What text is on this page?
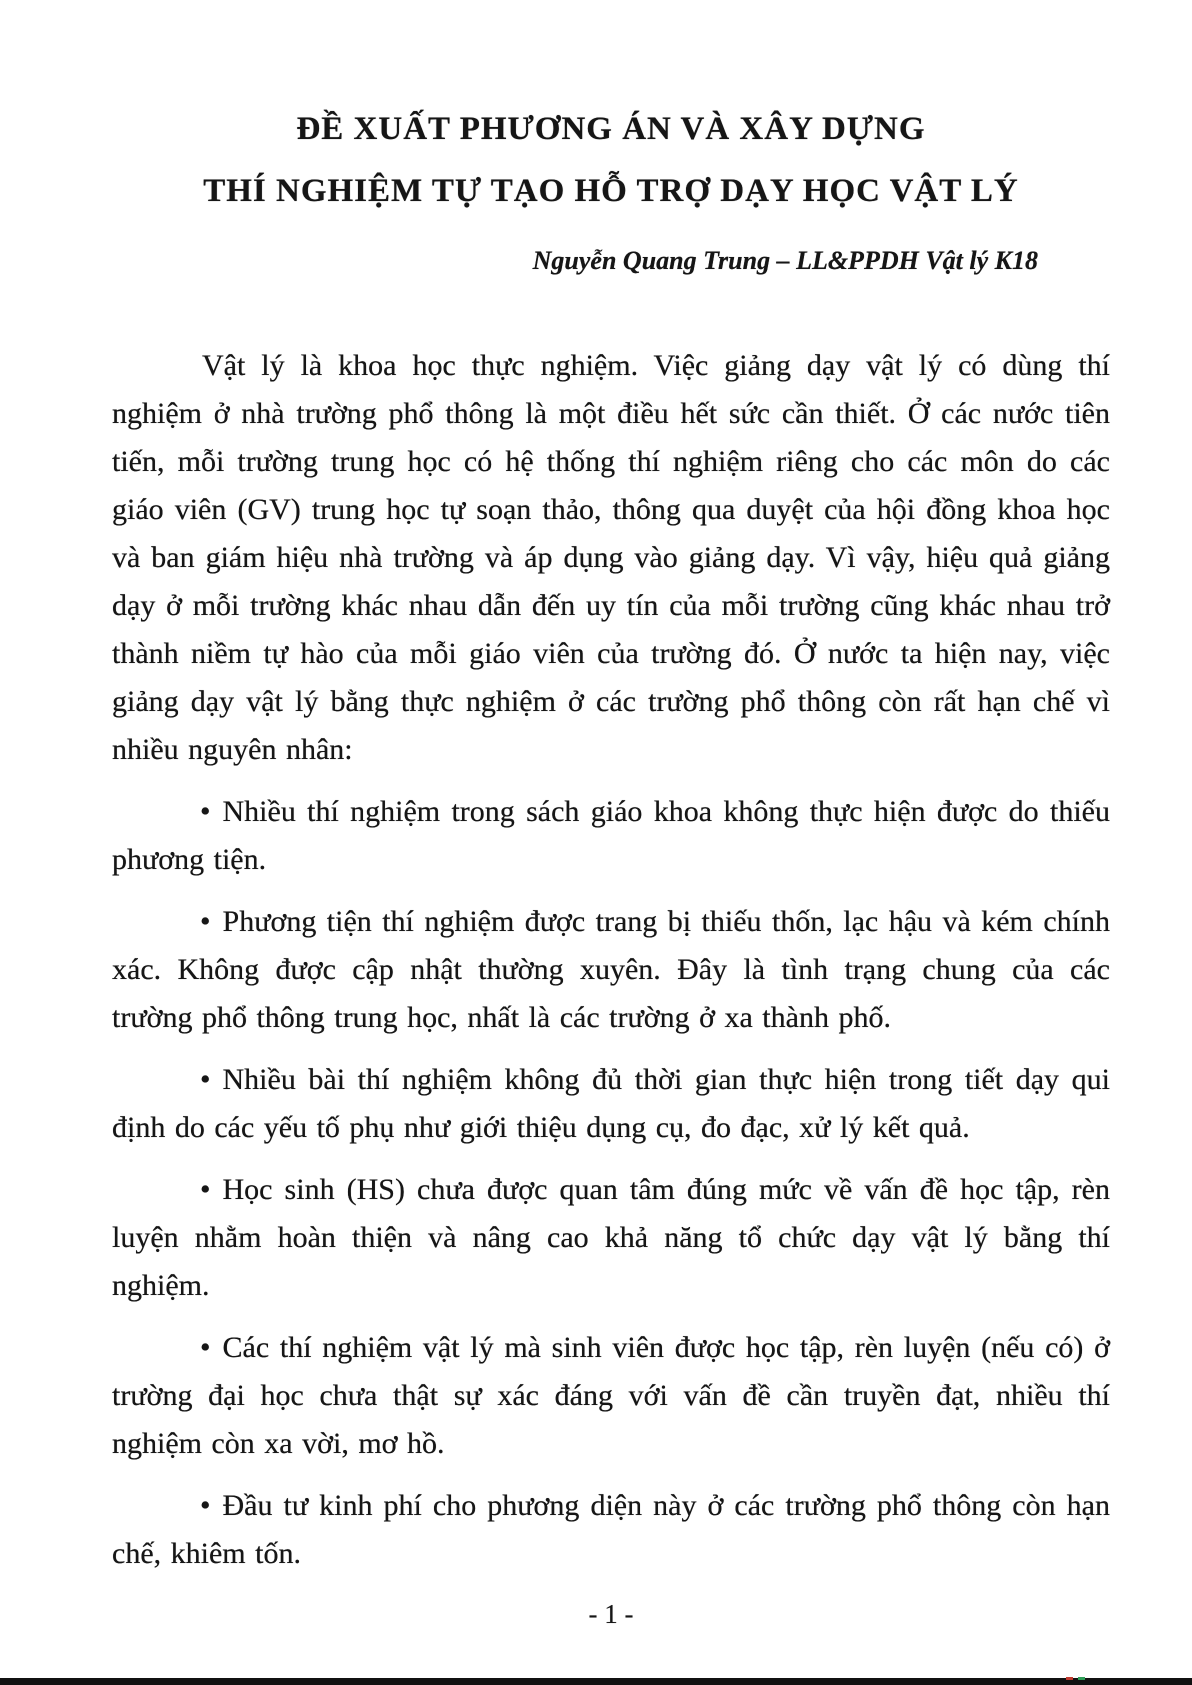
ĐỀ XUẤT PHƯƠNG ÁN VÀ XÂY DỰNG
THÍ NGHIỆM TỰ TẠO HỖ TRỢ DẠY HỌC VẬT LÝ
Nguyễn Quang Trung – LL&PPDH Vật lý K18

Vật lý là khoa học thực nghiệm. Việc giảng dạy vật lý có dùng thí nghiệm ở nhà trường phổ thông là một điều hết sức cần thiết. Ở các nước tiên tiến, mỗi trường trung học có hệ thống thí nghiệm riêng cho các môn do các giáo viên (GV) trung học tự soạn thảo, thông qua duyệt của hội đồng khoa học và ban giám hiệu nhà trường và áp dụng vào giảng dạy. Vì vậy, hiệu quả giảng dạy ở mỗi trường khác nhau dẫn đến uy tín của mỗi trường cũng khác nhau trở thành niềm tự hào của mỗi giáo viên của trường đó. Ở nước ta hiện nay, việc giảng dạy vật lý bằng thực nghiệm ở các trường phổ thông còn rất hạn chế vì nhiều nguyên nhân:

• Nhiều thí nghiệm trong sách giáo khoa không thực hiện được do thiếu phương tiện.

• Phương tiện thí nghiệm được trang bị thiếu thốn, lạc hậu và kém chính xác. Không được cập nhật thường xuyên. Đây là tình trạng chung của các trường phổ thông trung học, nhất là các trường ở xa thành phố.

• Nhiều bài thí nghiệm không đủ thời gian thực hiện trong tiết dạy qui định do các yếu tố phụ như giới thiệu dụng cụ, đo đạc, xử lý kết quả.

• Học sinh (HS) chưa được quan tâm đúng mức về vấn đề học tập, rèn luyện nhằm hoàn thiện và nâng cao khả năng tổ chức dạy vật lý bằng thí nghiệm.

• Các thí nghiệm vật lý mà sinh viên được học tập, rèn luyện (nếu có) ở trường đại học chưa thật sự xác đáng với vấn đề cần truyền đạt, nhiều thí nghiệm còn xa vời, mơ hồ.

• Đầu tư kinh phí cho phương diện này ở các trường phổ thông còn hạn chế, khiêm tốn.

- 1 -
